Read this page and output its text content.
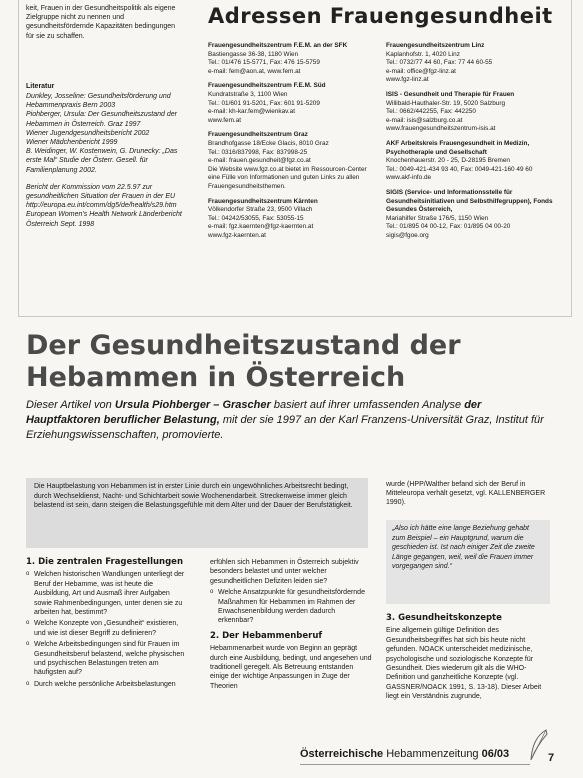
keit, Frauen in der Gesundheitspolitik als eigene Zielgruppe nicht zu nennen und gesundheitsfördernde Kapazitäten bedingungen für sie zu schaffen.
Literatur
Dunkley, Josseline: Gesundheitsförderung und Hebammenpraxis Bern 2003
Piohberger, Ursula: Der Gesundheitszustand der Hebammen in Österreich. Graz 1997
Wiener Jugendgesundheitsbericht 2002
Wiener Mädchenbericht 1999
B. Weidinger, W. Kostenwein, G. Drunecky: „Das erste Mal“ Studie der Österr. Gesell. für Familienplanung 2002.
Bericht der Kommission vom 22.5.97 zur gesundheitlichen Situation der Frauen in der EU http://europa.eu.int/comm/dg5/de/health/s29.htm
European Women's Health Network Länderbericht Österreich Sept. 1998
Adressen Frauengesundheit
Frauengesundheitszentrum F.E.M. an der SFK
Bastiengasse 36-38, 1180 Wien
Tel.: 01/476 15-5771, Fax: 476 15-5759
e-mail: fem@aon.at, www.fem.at
Frauengesundheitszentrum F.E.M. Süd
Kundratstraße 3, 1100 Wien
Tel.: 01/601 91-5201, Fax: 601 91-5209
e-mail: kh-kar.fem@wienkav.at
www.fem.at
Frauengesundheitszentrum Graz
Brandhofgasse 18/Ecke Glacis, 8010 Graz
Tel.: 0316/837998, Fax: 837998-25
e-mail: frauen.gesundheit@fgz.co.at
Die Website www.fgz.co.at bietet im Ressourcen-Center eine Fülle von Informationen und guten Links zu allen Frauengesundheitsthemen.
Frauengesundheitszentrum Kärnten
Völkendorfer Straße 23, 9500 Villach
Tel.: 04242/53055, Fax: 53055-15
e-mail: fgz.kaernten@fgz-kaernten.at
www.fgz-kaernten.at
Frauengesundheitszentrum Linz
Kaplanhofstr. 1, 4020 Linz
Tel.: 0732/77 44 60, Fax: 77 44 60-55
e-mail: office@fgz-linz.at
www.fgz-linz.at
ISIS - Gesundheit und Therapie für Frauen
Willibald-Hauthaler-Str. 19, 5020 Salzburg
Tel.: 0662/442255, Fax: 442250
e-mail: isis@salzburg.co.at
www.frauengesundheitszentrum-isis.at
AKF Arbeitskreis Frauengesundheit in Medizin, Psychotherapie und Gesellschaft
Knochenhauerstr. 20 - 25, D-28195 Bremen
Tel.: 0049-421-434 93 40, Fax: 0049-421-160 49 60
www.akf-info.de
SIGIS (Service- und Informationsstelle für Gesundheitsinitiativen und Selbsthilfegruppen), Fonds Gesundes Österreich,
Mariahilfer Straße 176/5, 1150 Wien
Tel.: 01/895 04 00-12, Fax: 01/895 04 00-20
sigis@fgoe.org
Der Gesundheitszustand der Hebammen in Österreich
Dieser Artikel von Ursula Piohberger – Grascher basiert auf ihrer umfassenden Analyse der Hauptfaktoren beruflicher Belastung, mit der sie 1997 an der Karl Franzens-Universität Graz, Institut für Erziehungswissenschaften, promovierte.
Die Hauptbelastung von Hebammen ist in erster Linie durch ein ungewöhnliches Arbeitsrecht bedingt, durch Wechseldienst, Nacht- und Schichtarbeit sowie Wochenendarbeit. Streckenweise immer gleich belastend ist sein, dann steigen die Belastungsgefühle mit dem Alter und der Dauer der Berufstätigkeit.
1. Die zentralen Fragestellungen
o Welchen historischen Wandlungen unterliegt der Beruf der Hebamme, was ist heute die Ausbildung, Art und Ausmaß ihrer Aufgaben sowie Rahmenbedingungen, unter denen sie zu arbeiten hat, bestimmt?
o Welche Konzepte von „Gesundheit“ existieren, und wie ist dieser Begriff zu definieren?
o Welche Arbeitsbedingungen sind für Frauen im Gesundheitsberuf belastend, welche physischen und psychischen Belastungen treten am häufigsten auf?
o Durch welche persönliche Arbeitsbelastungen
erfühlen sich Hebammen in Österreich subjektiv besonders belastet und unter welcher gesundheitlichen Defiziten leiden sie?
o Welche Ansatzpunkte für gesundheitsfördernde Maßnahmen für Hebammen im Rahmen der Erwachsenenbildung werden dadurch erkennbar?
2. Der Hebammenberuf
Hebammenarbeit wurde von Beginn an geprägt durch eine Ausbildung, bedingt, und angesehen und traditionell geregelt. Als Betreuung entstanden einige der wichtige Anpassungen in Zuge der Theorien
wurde (HPP/Walther befand sich der Beruf in Mitteleuropa verhält gesetzt, vgl. KALLENBERGER 1990).
„Also ich hätte eine lange Beziehung gehabt zum Beispiel – ein Hauptgrund, warum die geschieden ist. Ist nach einiger Zeit die zweite Länge gegangen, weil, weil die Frauen immer vorgegangen sind.“
3. Gesundheitskonzepte
Eine allgemein gültige Definition des Gesundheitsbegriffes hat sich bis heute nicht gefunden. NOACK unterscheidet medizinische, psychologische und soziologische Konzepte für Gesundheit. Dies wiederum gilt als die WHO-Definition und ganzheitliche Konzepte (vgl. GASSNER/NOACK 1991, S. 13-18). Dieser Arbeit liegt ein Verständnis zugrunde,
Österreichische Hebammenzeitung 06/03	7
